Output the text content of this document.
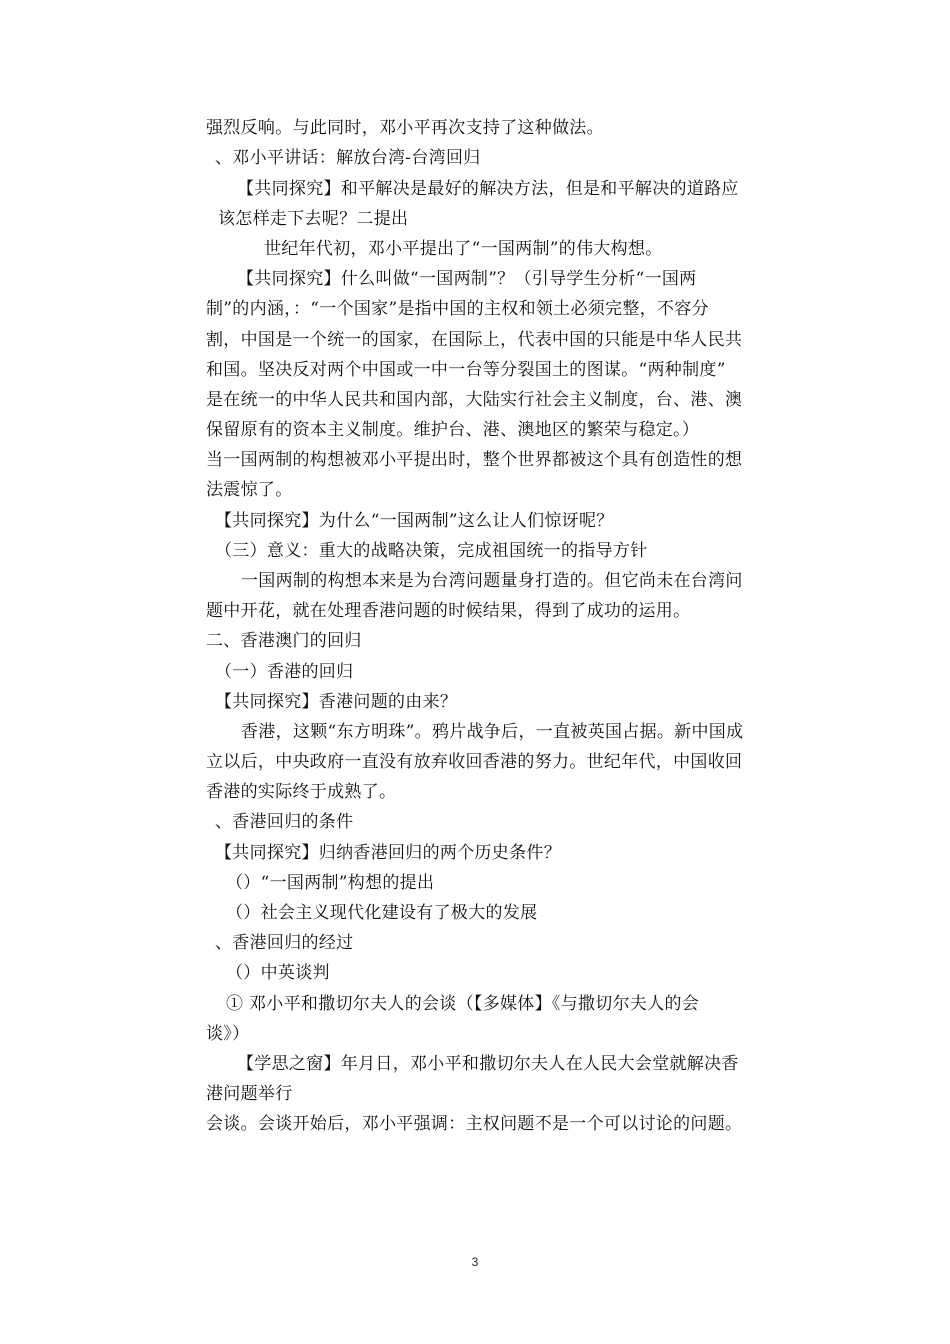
强烈反响。与此同时，邓小平再次支持了这种做法。
、邓小平讲话：解放台湾-台湾回归
【共同探究】和平解决是最好的解决方法，但是和平解决的道路应
该怎样走下去呢？二提出
世纪年代初，邓小平提出了“一国两制”的伟大构想。
【共同探究】什么叫做“一国两制”？（引导学生分析“一国两
制”的内涵，：“一个国家”是指中国的主权和领土必须完整，不容分
割，中国是一个统一的国家，在国际上，代表中国的只能是中华人民共
和国。坚决反对两个中国或一中一台等分裂国土的图谋。“两种制度”
是在统一的中华人民共和国内部，大陆实行社会主义制度，台、港、澳
保留原有的资本主义制度。维护台、港、澳地区的繁荣与稳定。）
当一国两制的构想被邓小平提出时，整个世界都被这个具有创造性的想
法震惊了。
【共同探究】为什么“一国两制”这么让人们惊讶呢？
（三）意义：重大的战略决策，完成祖国统一的指导方针
一国两制的构想本来是为台湾问题量身打造的。但它尚未在台湾问
题中开花，就在处理香港问题的时候结果，得到了成功的运用。
二、香港澳门的回归
（一）香港的回归
【共同探究】香港问题的由来？
香港，这颗“东方明珠”。鸦片战争后，一直被英国占据。新中国成
立以后，中央政府一直没有放弃收回香港的努力。世纪年代，中国收回
香港的实际终于成熟了。
、香港回归的条件
【共同探究】归纳香港回归的两个历史条件？
（）“一国两制”构想的提出
（）社会主义现代化建设有了极大的发展
、香港回归的经过
（）中英谈判
① 邓小平和撒切尔夫人的会谈（【多媒体】《与撒切尔夫人的会
谈》）
【学思之窗】年月日，邓小平和撒切尔夫人在人民大会堂就解决香
港问题举行
会谈。会谈开始后，邓小平强调：主权问题不是一个可以讨论的问题。
3
